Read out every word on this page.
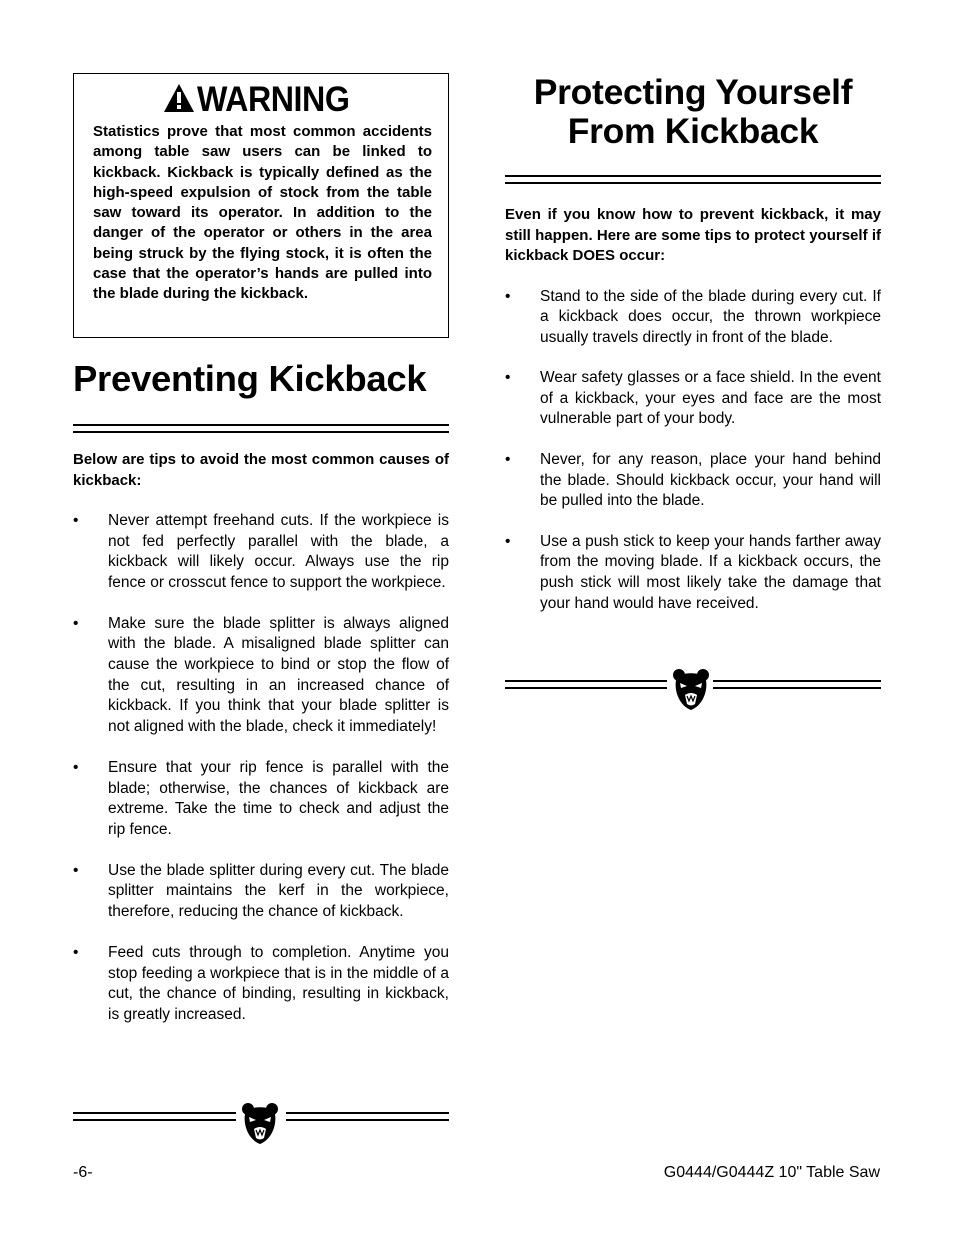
WARNING

Statistics prove that most common accidents among table saw users can be linked to kickback. Kickback is typically defined as the high-speed expulsion of stock from the table saw toward its operator. In addition to the danger of the operator or others in the area being struck by the flying stock, it is often the case that the operator’s hands are pulled into the blade during the kickback.

Preventing Kickback

Below are tips to avoid the most common causes of kickback:

• Never attempt freehand cuts. If the workpiece is not fed perfectly parallel with the blade, a kickback will likely occur. Always use the rip fence or crosscut fence to support the workpiece.
• Make sure the blade splitter is always aligned with the blade. A misaligned blade splitter can cause the workpiece to bind or stop the flow of the cut, resulting in an increased chance of kickback. If you think that your blade splitter is not aligned with the blade, check it immediately!
• Ensure that your rip fence is parallel with the blade; otherwise, the chances of kickback are extreme. Take the time to check and adjust the rip fence.
• Use the blade splitter during every cut. The blade splitter maintains the kerf in the workpiece, therefore, reducing the chance of kickback.
• Feed cuts through to completion. Anytime you stop feeding a workpiece that is in the middle of a cut, the chance of binding, resulting in kickback, is greatly increased.
Protecting Yourself
From Kickback

Even if you know how to prevent kickback, it may still happen. Here are some tips to protect yourself if kickback DOES occur:

• Stand to the side of the blade during every cut. If a kickback does occur, the thrown workpiece usually travels directly in front of the blade.
• Wear safety glasses or a face shield. In the event of a kickback, your eyes and face are the most vulnerable part of your body.
• Never, for any reason, place your hand behind the blade. Should kickback occur, your hand will be pulled into the blade.
• Use a push stick to keep your hands farther away from the moving blade. If a kickback occurs, the push stick will most likely take the damage that your hand would have received.
-6-	G0444/G0444Z 10" Table Saw
